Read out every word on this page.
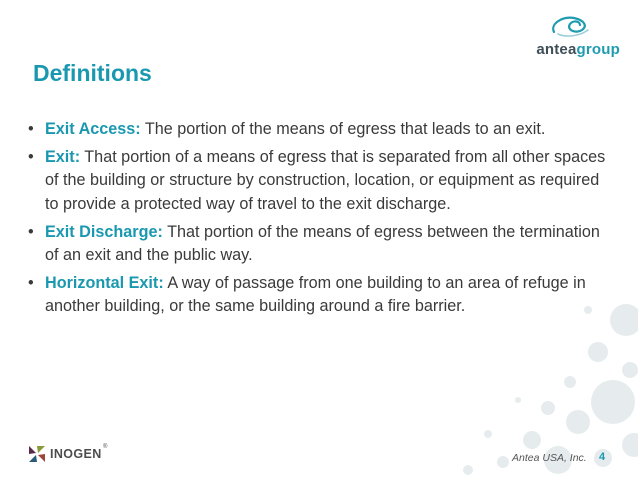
anteagroup
Definitions
• Exit Access: The portion of the means of egress that leads to an exit.
• Exit: That portion of a means of egress that is separated from all other spaces of the building or structure by construction, location, or equipment as required to provide a protected way of travel to the exit discharge.
• Exit Discharge: That portion of the means of egress between the termination of an exit and the public way.
• Horizontal Exit: A way of passage from one building to an area of refuge in another building, or the same building around a fire barrier.
INOGEN ®
Antea USA, Inc. 4
